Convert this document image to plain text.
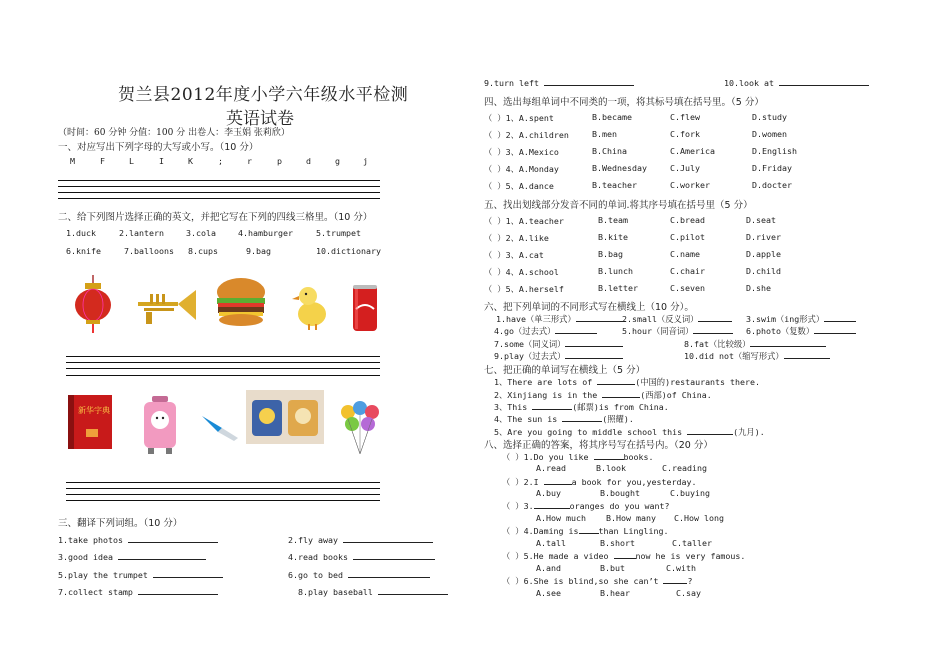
贺兰县2012年度小学六年级水平检测
英语试卷
（时间：60 分钟 分值：100 分 出卷人：李玉娟 张莉欣）
一、对应写出下列字母的大写或小写。（10 分）
M	F	L	I	K	;	r	p	d	g	j
二、给下列图片选择正确的英文，并把它写在下列的四线三格里。（10 分）
1.duck	2.lantern	3.cola	4.hamburger	5.trumpet
6.knife	7.balloons 8.cups	9.bag	10.dictionary
新华字典
三、翻译下列词组。（10 分）
1.take photos	2.fly away
3.good idea	4.read books
5.play the trumpet	6.go to bed
7.collect stamp	8.play baseball
9.turn left	10.look at
四、选出每组单词中不同类的一项，将其标号填在括号里。（5 分）
（ ）1、A.spent	B.became	C.flew	D.study
（ ）2、A.children	B.men	C.fork	D.women
（ ）3、A.Mexico	B.China	C.America	D.English
（ ）4、A.Monday	B.Wednesday	C.July	D.Friday
（ ）5、A.dance	B.teacher	C.worker	D.docter
五、找出划线部分发音不同的单词.将其序号填在括号里（5 分）
（ ）1、A.teacher	B.team	C.bread	D.seat
（ ）2、A.like	B.kite	C.pilot	D.river
（ ）3、A.cat	B.bag	C.name	D.apple
（ ）4、A.school	B.lunch	C.chair	D.child
（ ）5、A.herself	B.letter	C.seven	D.she
六、把下列单词的不同形式写在横线上（10 分）。
1.have（单三形式）	2.small（反义词）	3.swim（ing形式）
4.go（过去式）	5.hour（同音词）	6.photo（复数）
7.some（同义词）	8.fat（比较级）
9.play（过去式）	10.did not（缩写形式）
七、把正确的单词写在横线上（5 分）
1、There are lots of	(中国的)restaurants there.
2、Xinjiang is in the	(西部)of China.
3、This	(邮票)is from China.
4、The sun is	(照耀).
5、Are you going to middle school this	(九月).
八、选择正确的答案，将其序号写在括号内。（20 分）
（ ）1.Do you like	books.
A.read	B.look	C.reading
（ ）2.I	a book for you,yesterday.
A.buy	B.bought	C.buying
（ ）3.	oranges do you want?
A.How much B.How many C.How long
（ ）4.Daming is than Lingling.
A.tall	B.short	C.taller
（ ）5.He made a video	now he is very famous.
A.and	B.but	C.with
（ ）6.She is blind,so she can’t	?
A.see	B.hear	C.say
